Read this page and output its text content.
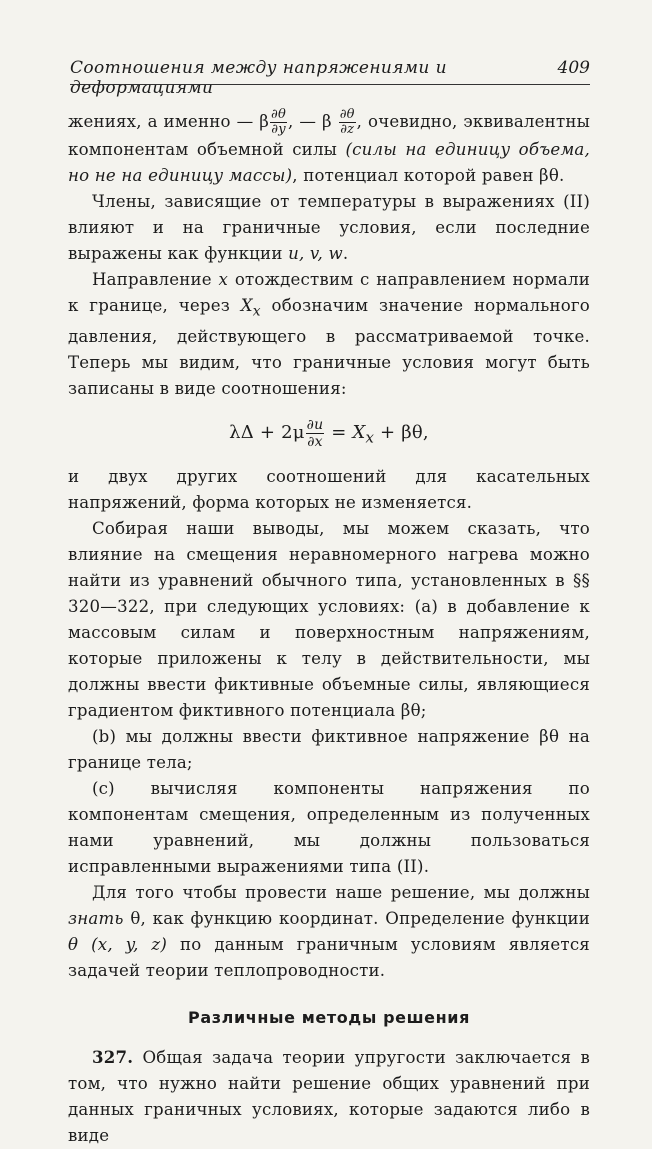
Соотношения между напряжениями и деформациями
409

жениях, а именно — β $\frac{\partial\theta}{\partial y}$ , — β $\frac{\partial\theta}{\partial z}$ , очевидно, эквивалентны компонентам объемной силы (силы на единицу объема, но не на единицу массы), потенциал которой равен βθ.

Члены, зависящие от температуры в выражениях (II) влияют и на граничные условия, если последние выражены как функции u, v, w.

Направление x отождествим с направлением нормали к границе, через $X_x$ обозначим значение нормального давления, действующего в рассматриваемой точке. Теперь мы видим, что граничные условия могут быть записаны в виде соотношения:

$\lambda\Delta + 2\mu \frac{\partial u}{\partial x} = X_x + \beta\theta$,

и двух других соотношений для касательных напряжений, форма которых не изменяется.

Собирая наши выводы, мы можем сказать, что влияние на смещения неравномерного нагрева можно найти из уравнений обычного типа, установленных в §§ 320—322, при следующих условиях: (a) в добавление к массовым силам и поверхностным напряжениям, которые приложены к телу в действительности, мы должны ввести фиктивные объемные силы, являющиеся градиентом фиктивного потенциала βθ;

(b) мы должны ввести фиктивное напряжение βθ на границе тела;

(c) вычисляя компоненты напряжения по компонентам смещения, определенным из полученных нами уравнений, мы должны пользоваться исправленными выражениями типа (II).

Для того чтобы провести наше решение, мы должны знать θ, как функцию координат. Определение функции θ (x, y, z) по данным граничным условиям является задачей теории теплопроводности.

Различные методы решения

327. Общая задача теории упругости заключается в том, что нужно найти решение общих уравнений при данных граничных условиях, которые задаются либо в виде
